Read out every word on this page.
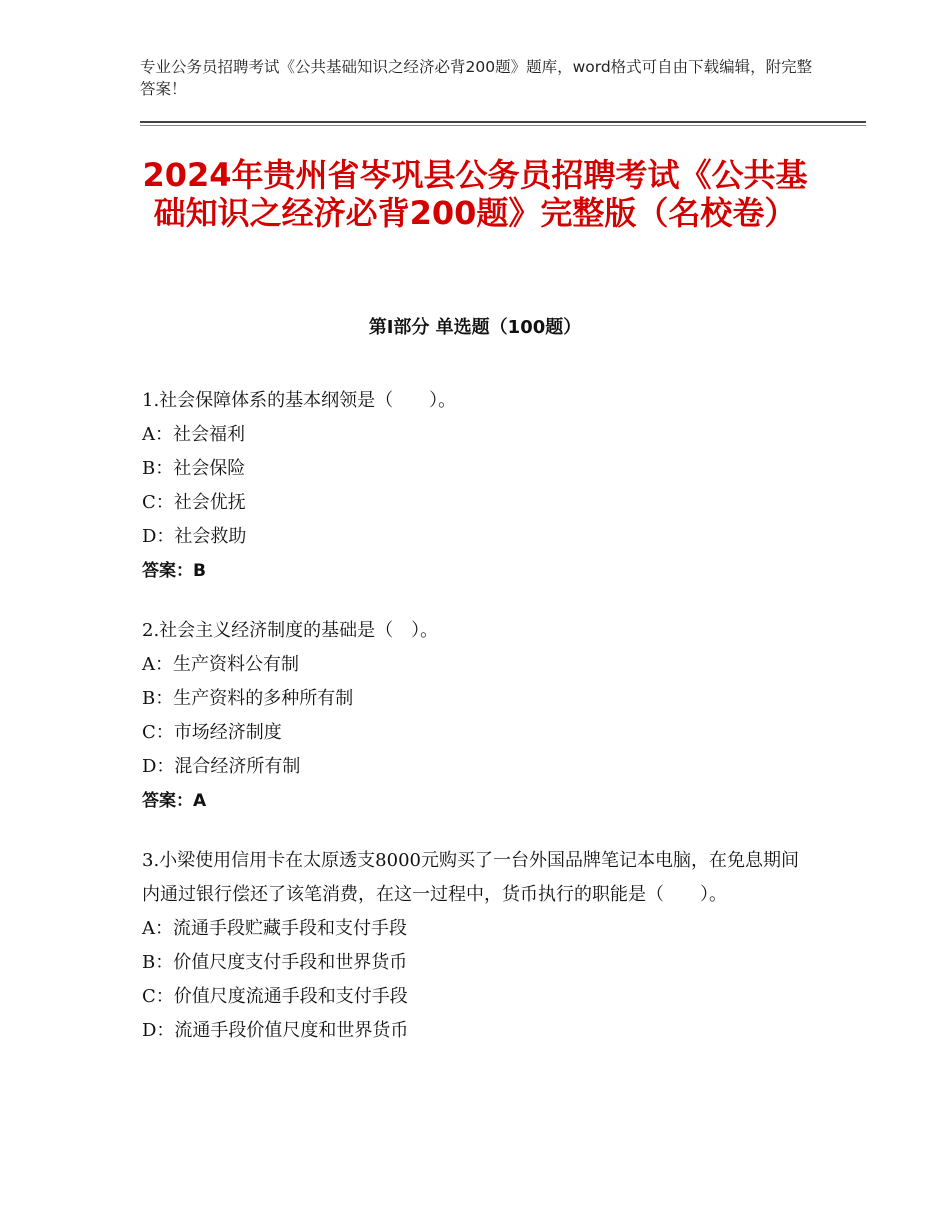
专业公务员招聘考试《公共基础知识之经济必背200题》题库，word格式可自由下载编辑，附完整答案！
2024年贵州省岑巩县公务员招聘考试《公共基础知识之经济必背200题》完整版（名校卷）
第Ⅰ部分 单选题（100题）

1.社会保障体系的基本纲领是（　　）。

A：社会福利

B：社会保险

C：社会优抚

D：社会救助

答案：B

2.社会主义经济制度的基础是（　）。

A：生产资料公有制

B：生产资料的多种所有制

C：市场经济制度

D：混合经济所有制

答案：A

3.小梁使用信用卡在太原透支8000元购买了一台外国品牌笔记本电脑，在免息期间内通过银行偿还了该笔消费，在这一过程中，货币执行的职能是（　　）。

A：流通手段贮藏手段和支付手段

B：价值尺度支付手段和世界货币

C：价值尺度流通手段和支付手段

D：流通手段价值尺度和世界货币
